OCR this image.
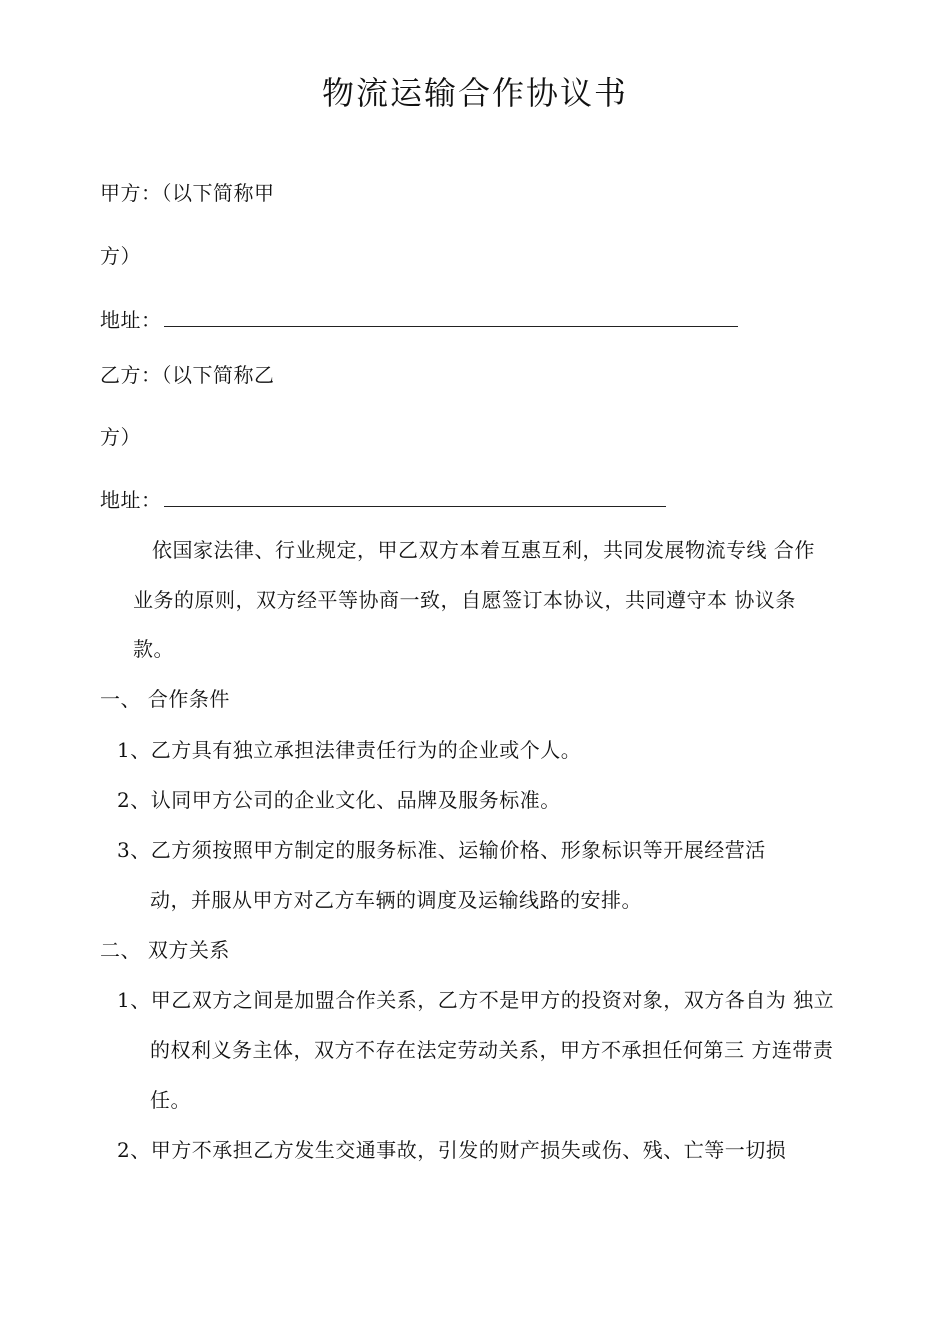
物流运输合作协议书
甲方：（以下简称甲
方）
地址：
乙方：（以下简称乙
方）
地址：
依国家法律、行业规定，甲乙双方本着互惠互利，共同发展物流专线 合作
业务的原则，双方经平等协商一致，自愿签订本协议，共同遵守本 协议条
款。
一、 合作条件
1、乙方具有独立承担法律责任行为的企业或个人。
2、认同甲方公司的企业文化、品牌及服务标准。
3、乙方须按照甲方制定的服务标准、运输价格、形象标识等开展经营活
动，并服从甲方对乙方车辆的调度及运输线路的安排。
二、 双方关系
1、甲乙双方之间是加盟合作关系，乙方不是甲方的投资对象，双方各自为 独立
的权利义务主体，双方不存在法定劳动关系，甲方不承担任何第三 方连带责
任。
2、甲方不承担乙方发生交通事故，引发的财产损失或伤、残、亡等一切损
